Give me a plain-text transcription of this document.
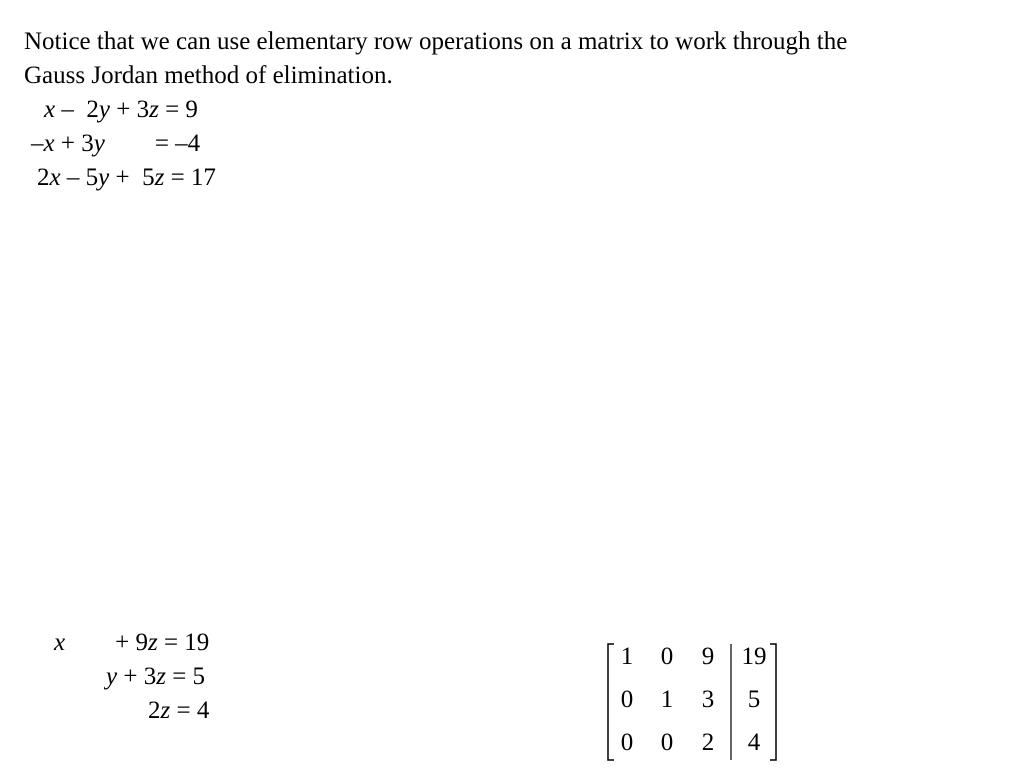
Notice that we can use elementary row operations on a matrix to work through the
Gauss Jordan method of elimination.

x –  2y + 3z = 9
–x + 3y        = –4
2x – 5y +  5z = 17
x        + 9z = 19
y + 3z = 5
2z = 4
1	0	9	19
0	1	3	5
0	0	2	4
